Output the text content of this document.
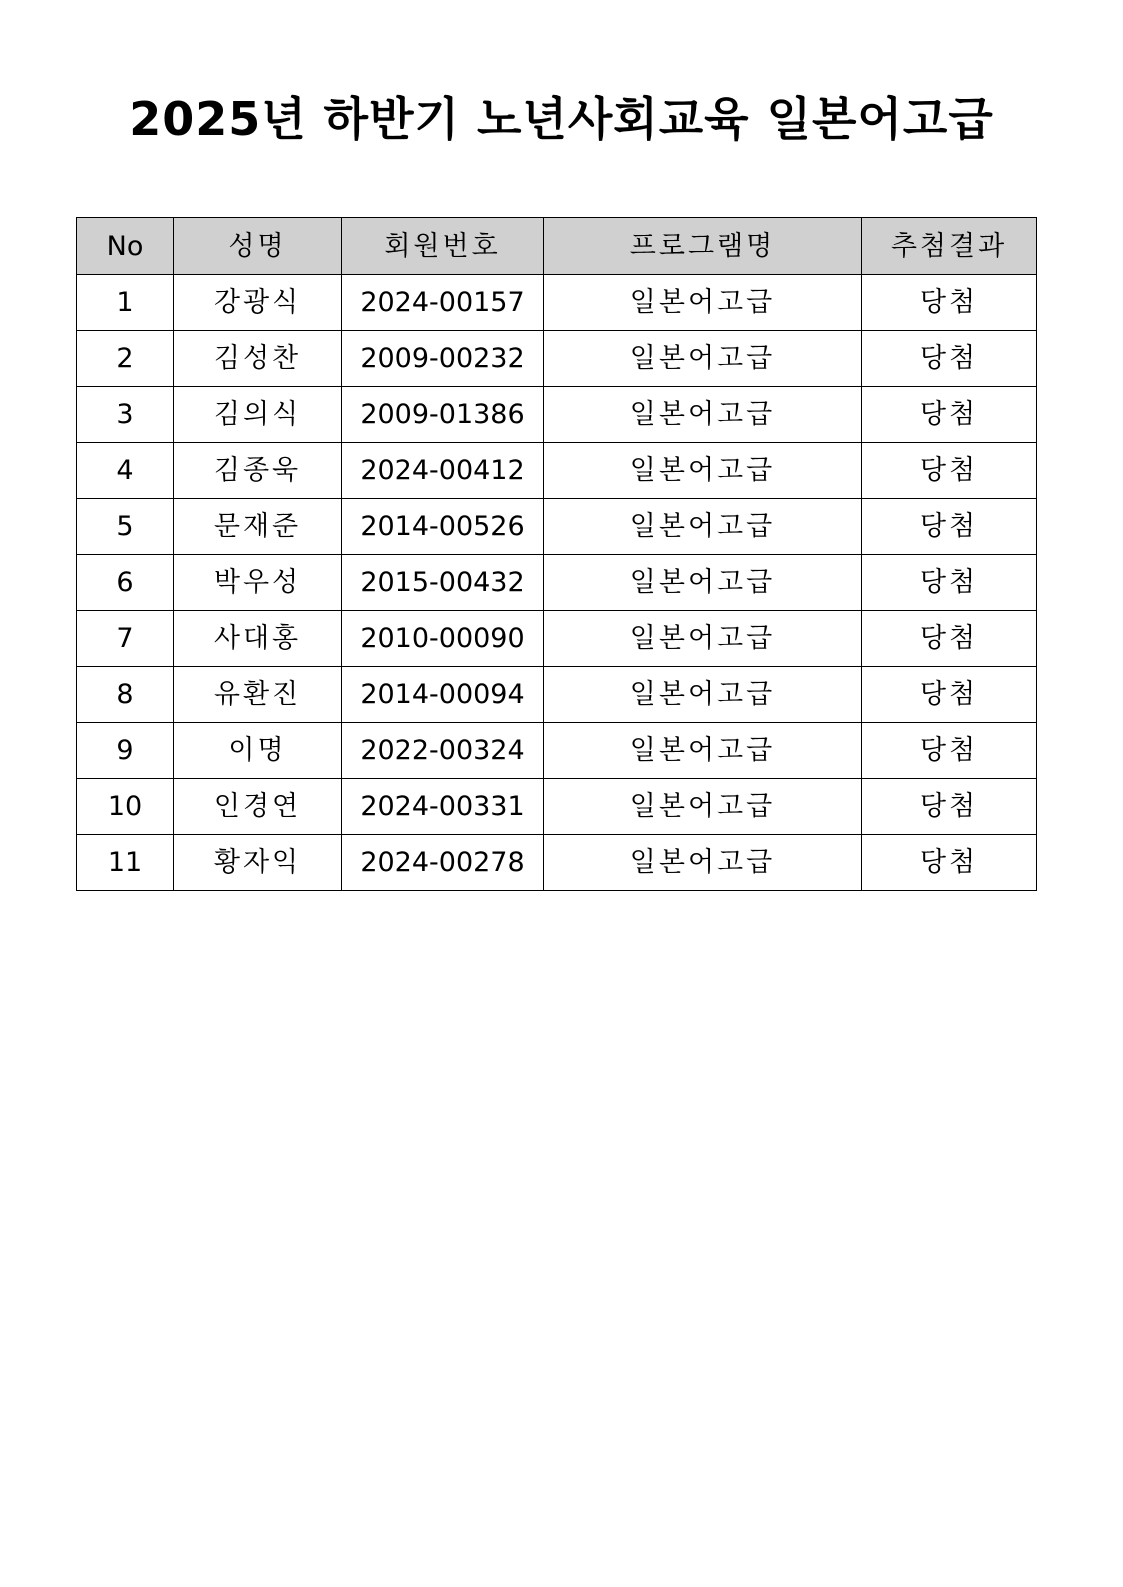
2025년 하반기 노년사회교육 일본어고급
No	성명	회원번호	프로그램명	추첨결과
1	강광식	2024-00157	일본어고급	당첨
2	김성찬	2009-00232	일본어고급	당첨
3	김의식	2009-01386	일본어고급	당첨
4	김종욱	2024-00412	일본어고급	당첨
5	문재준	2014-00526	일본어고급	당첨
6	박우성	2015-00432	일본어고급	당첨
7	사대홍	2010-00090	일본어고급	당첨
8	유환진	2014-00094	일본어고급	당첨
9	이명	2022-00324	일본어고급	당첨
10	인경연	2024-00331	일본어고급	당첨
11	황자익	2024-00278	일본어고급	당첨
